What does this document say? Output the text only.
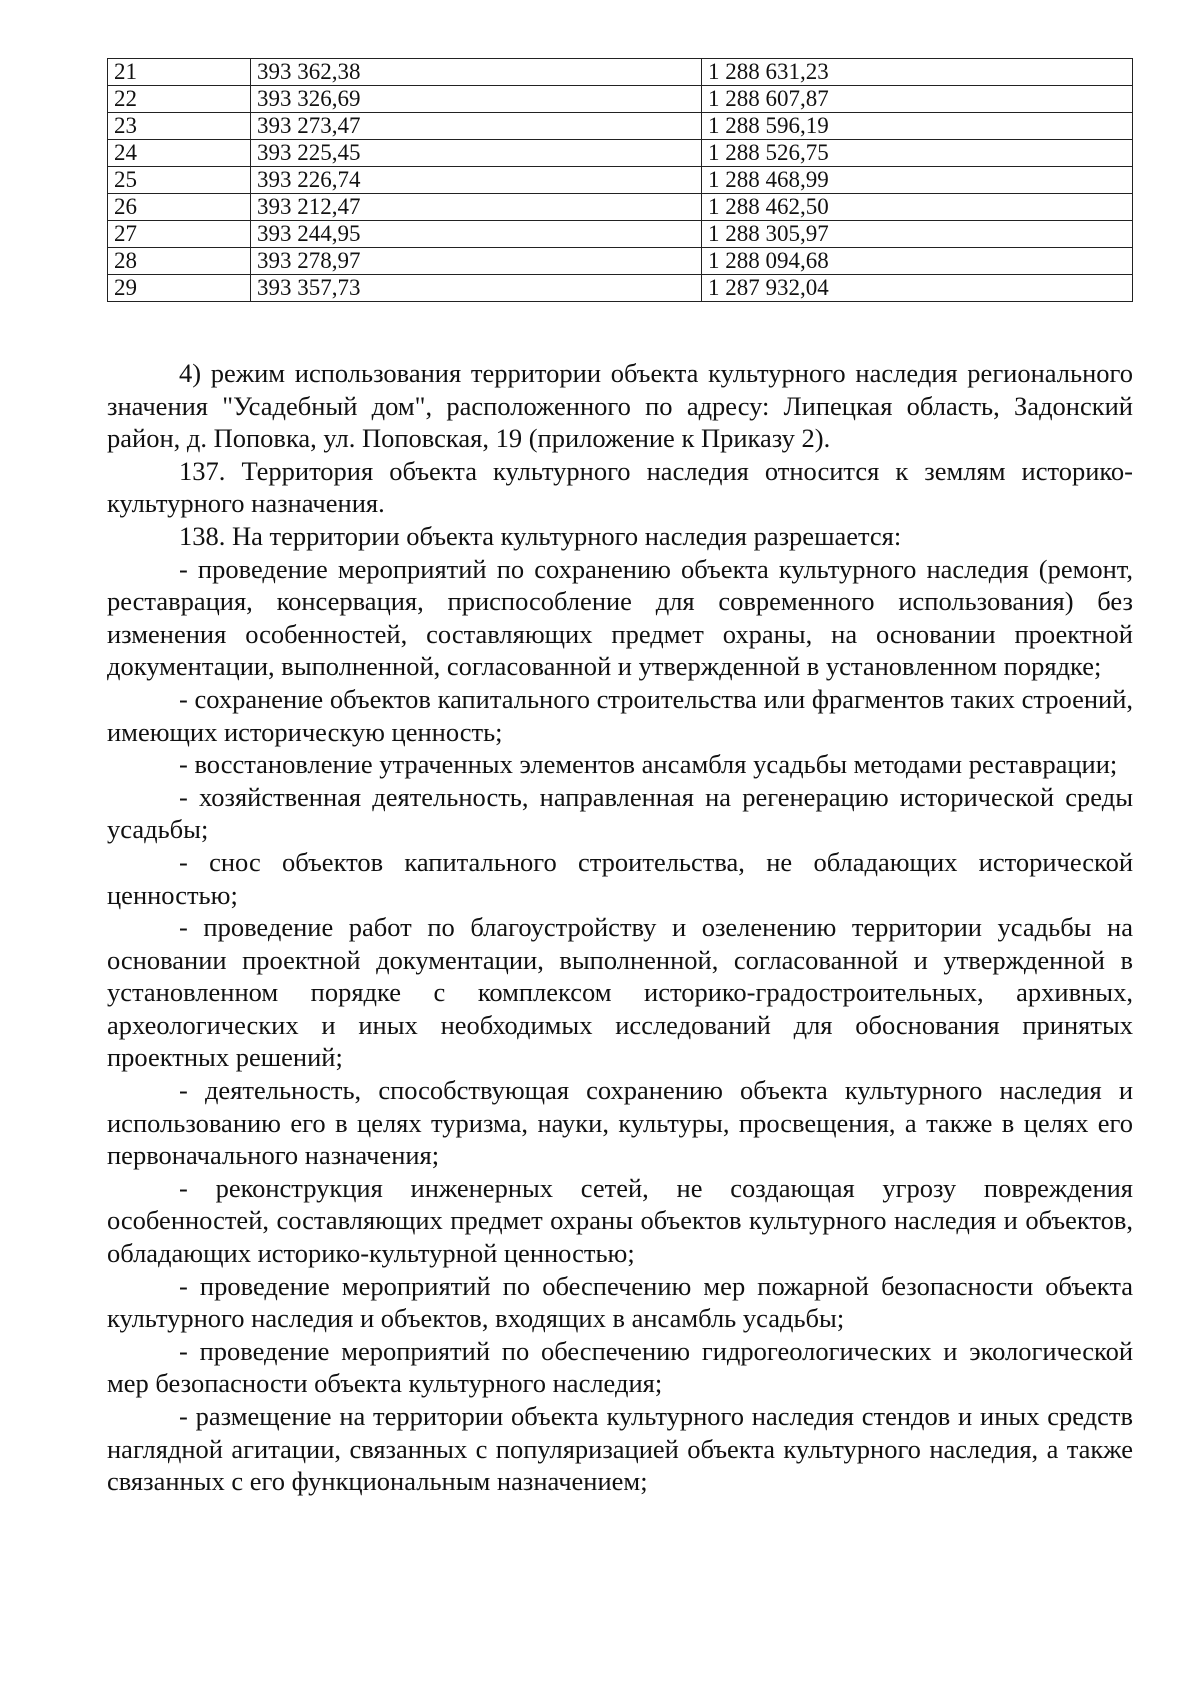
21	393 362,38	1 288 631,23
22	393 326,69	1 288 607,87
23	393 273,47	1 288 596,19
24	393 225,45	1 288 526,75
25	393 226,74	1 288 468,99
26	393 212,47	1 288 462,50
27	393 244,95	1 288 305,97
28	393 278,97	1 288 094,68
29	393 357,73	1 287 932,04

4) режим использования территории объекта культурного наследия регионального значения "Усадебный дом", расположенного по адресу: Липецкая область, Задонский район, д. Поповка, ул. Поповская, 19 (приложение к Приказу 2).

137. Территория объекта культурного наследия относится к землям историко-культурного назначения.

138. На территории объекта культурного наследия разрешается:

- проведение мероприятий по сохранению объекта культурного наследия (ремонт, реставрация, консервация, приспособление для современного использования) без изменения особенностей, составляющих предмет охраны, на основании проектной документации, выполненной, согласованной и утвержденной в установленном порядке;

- сохранение объектов капитального строительства или фрагментов таких строений, имеющих историческую ценность;

- восстановление утраченных элементов ансамбля усадьбы методами реставрации;

- хозяйственная деятельность, направленная на регенерацию исторической среды усадьбы;

- снос объектов капитального строительства, не обладающих исторической ценностью;

- проведение работ по благоустройству и озеленению территории усадьбы на основании проектной документации, выполненной, согласованной и утвержденной в установленном порядке с комплексом историко-градостроительных, архивных, археологических и иных необходимых исследований для обоснования принятых проектных решений;

- деятельность, способствующая сохранению объекта культурного наследия и использованию его в целях туризма, науки, культуры, просвещения, а также в целях его первоначального назначения;

- реконструкция инженерных сетей, не создающая угрозу повреждения особенностей, составляющих предмет охраны объектов культурного наследия и объектов, обладающих историко-культурной ценностью;

- проведение мероприятий по обеспечению мер пожарной безопасности объекта культурного наследия и объектов, входящих в ансамбль усадьбы;

- проведение мероприятий по обеспечению гидрогеологических и экологической мер безопасности объекта культурного наследия;

- размещение на территории объекта культурного наследия стендов и иных средств наглядной агитации, связанных с популяризацией объекта культурного наследия, а также связанных с его функциональным назначением;
